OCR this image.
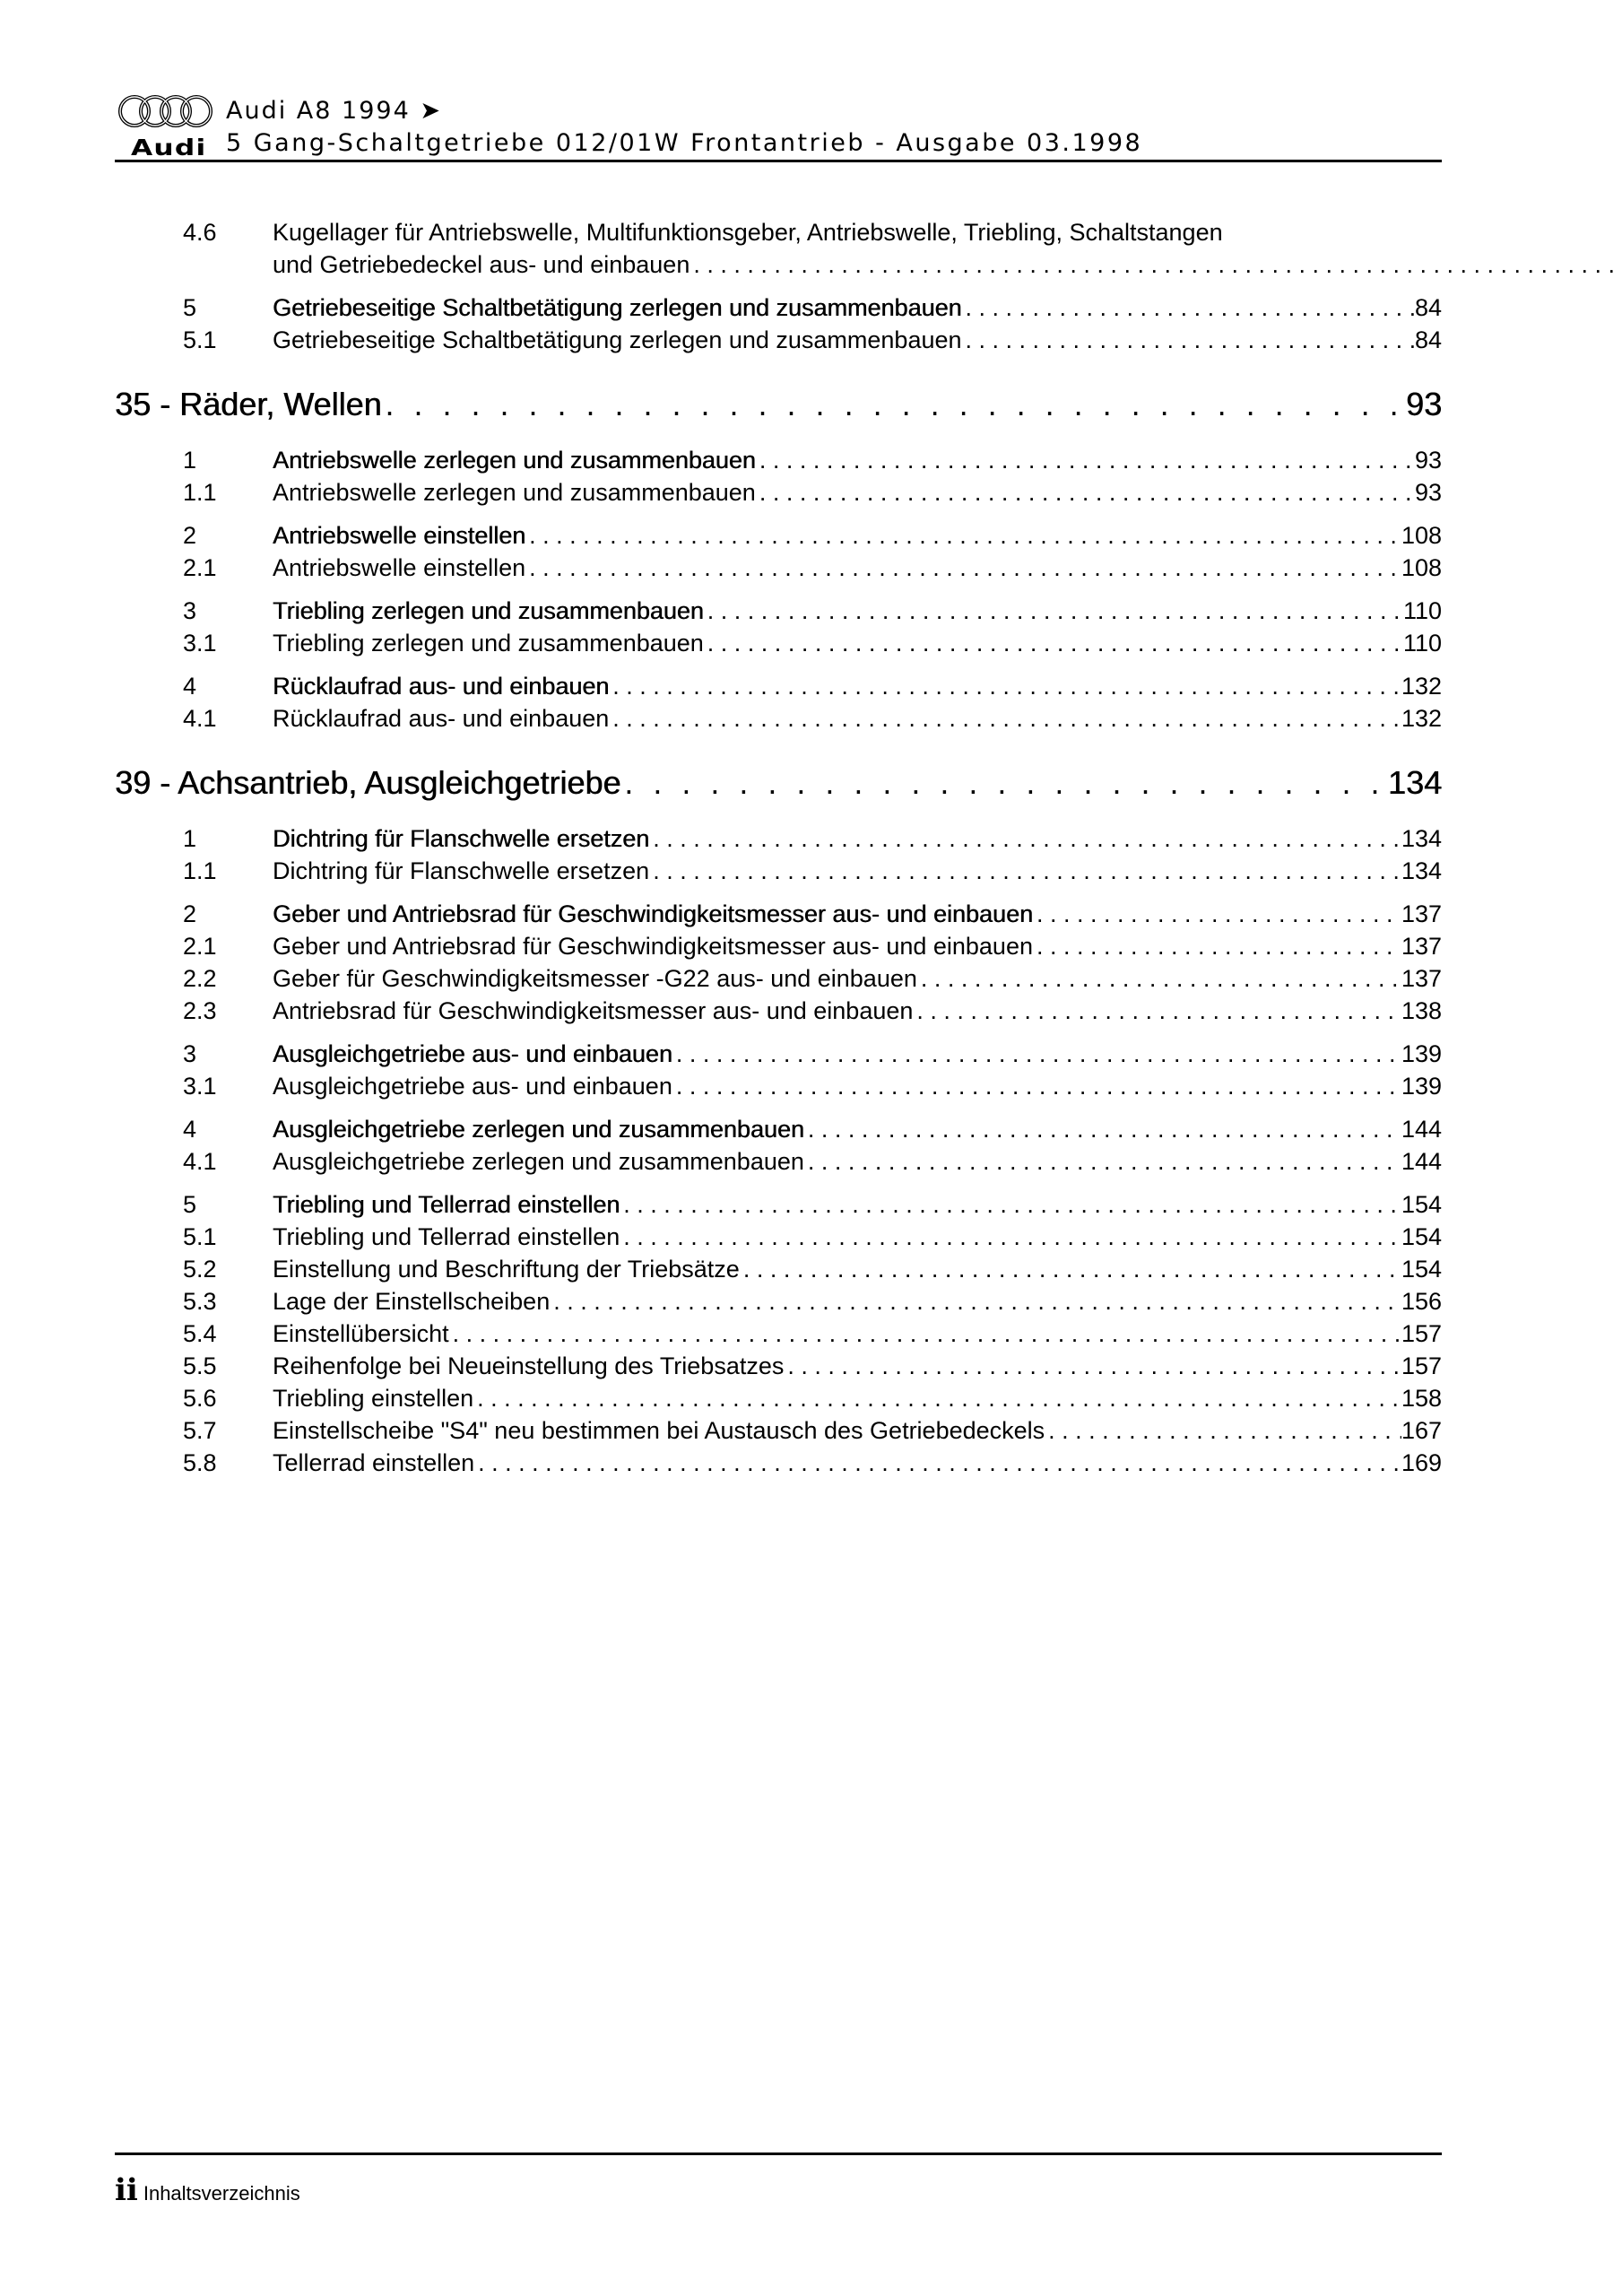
Audi
Audi A8 1994 ➤
5 Gang-Schaltgetriebe 012/01W Frontantrieb - Ausgabe 03.1998
4.6	Kugellager für Antriebswelle, Multifunktionsgeber, Antriebswelle, Triebling, Schaltstangen
und Getriebedeckel aus- und einbauen
. . .
5	Getriebeseitige Schaltbetätigung zerlegen und zusammenbauen . . .	84
5.1	Getriebeseitige Schaltbetätigung zerlegen und zusammenbauen . . .	84
35 - Räder, Wellen . . .	93
1	Antriebswelle zerlegen und zusammenbauen . . .	93
1.1	Antriebswelle zerlegen und zusammenbauen . . .	93
2	Antriebswelle einstellen . . .	108
2.1	Antriebswelle einstellen . . .	108
3	Triebling zerlegen und zusammenbauen . . .	110
3.1	Triebling zerlegen und zusammenbauen . . .	110
4	Rücklaufrad aus- und einbauen . . .	132
4.1	Rücklaufrad aus- und einbauen . . .	132
39 - Achsantrieb, Ausgleichgetriebe . . .	134
1	Dichtring für Flanschwelle ersetzen . . .	134
1.1	Dichtring für Flanschwelle ersetzen . . .	134
2	Geber und Antriebsrad für Geschwindigkeitsmesser aus- und einbauen . . .	137
2.1	Geber und Antriebsrad für Geschwindigkeitsmesser aus- und einbauen . . .	137
2.2	Geber für Geschwindigkeitsmesser -G22 aus- und einbauen . . .	137
2.3	Antriebsrad für Geschwindigkeitsmesser aus- und einbauen . . .	138
3	Ausgleichgetriebe aus- und einbauen . . .	139
3.1	Ausgleichgetriebe aus- und einbauen . . .	139
4	Ausgleichgetriebe zerlegen und zusammenbauen . . .	144
4.1	Ausgleichgetriebe zerlegen und zusammenbauen . . .	144
5	Triebling und Tellerrad einstellen . . .	154
5.1	Triebling und Tellerrad einstellen . . .	154
5.2	Einstellung und Beschriftung der Triebsätze . . .	154
5.3	Lage der Einstellscheiben . . .	156
5.4	Einstellübersicht . . .	157
5.5	Reihenfolge bei Neueinstellung des Triebsatzes . . .	157
5.6	Triebling einstellen . . .	158
5.7	Einstellscheibe "S4" neu bestimmen bei Austausch des Getriebedeckels . . .	167
5.8	Tellerrad einstellen . . .	169
ii Inhaltsverzeichnis
